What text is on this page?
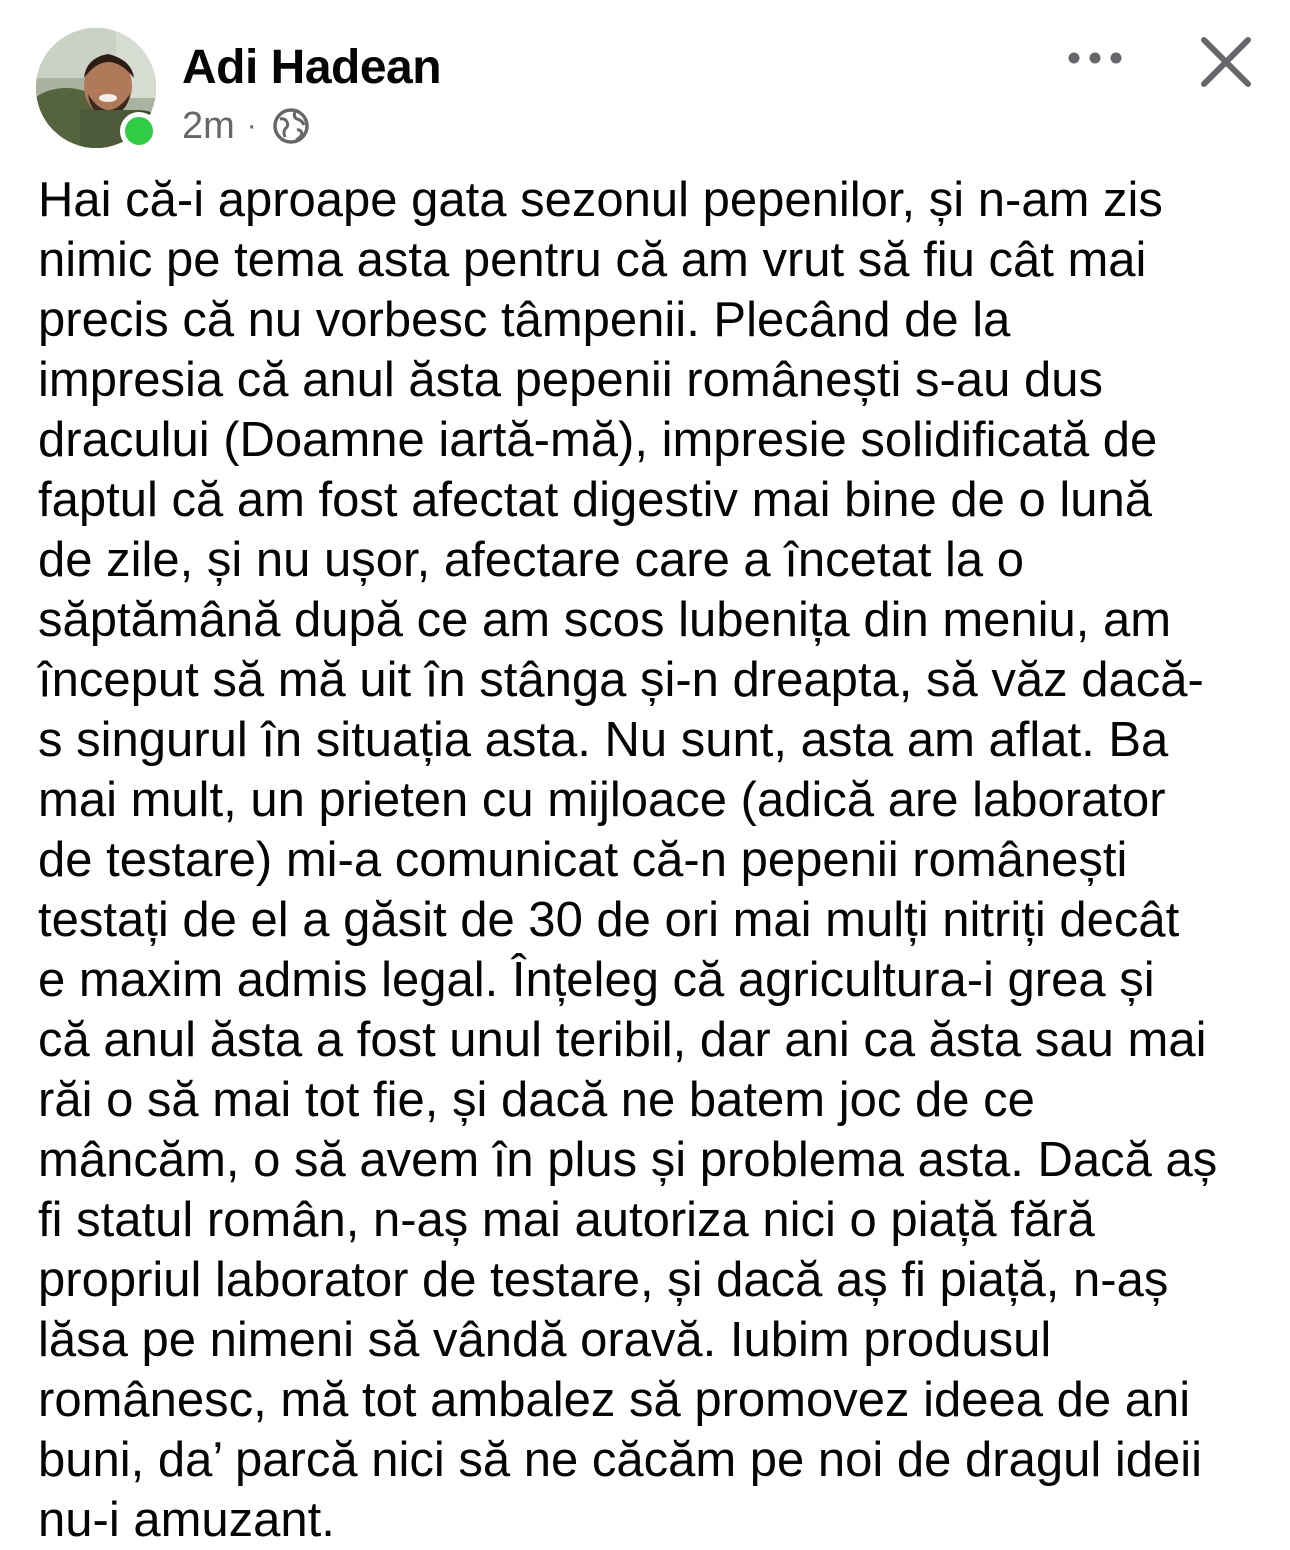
Adi Hadean
2m ·

Hai că-i aproape gata sezonul pepenilor, și n-am zis
nimic pe tema asta pentru că am vrut să fiu cât mai
precis că nu vorbesc tâmpenii. Plecând de la
impresia că anul ăsta pepenii românești s-au dus
dracului (Doamne iartă-mă), impresie solidificată de
faptul că am fost afectat digestiv mai bine de o lună
de zile, și nu ușor, afectare care a încetat la o
săptămână după ce am scos lubenița din meniu, am
început să mă uit în stânga și-n dreapta, să văz dacă-
s singurul în situația asta. Nu sunt, asta am aflat. Ba
mai mult, un prieten cu mijloace (adică are laborator
de testare) mi-a comunicat că-n pepenii românești
testați de el a găsit de 30 de ori mai mulți nitriți decât
e maxim admis legal. Înțeleg că agricultura-i grea și
că anul ăsta a fost unul teribil, dar ani ca ăsta sau mai
răi o să mai tot fie, și dacă ne batem joc de ce
mâncăm, o să avem în plus și problema asta. Dacă aș
fi statul român, n-aș mai autoriza nici o piață fără
propriul laborator de testare, și dacă aș fi piață, n-aș
lăsa pe nimeni să vândă oravă. Iubim produsul
românesc, mă tot ambalez să promovez ideea de ani
buni, da’ parcă nici să ne căcăm pe noi de dragul ideii
nu-i amuzant.
